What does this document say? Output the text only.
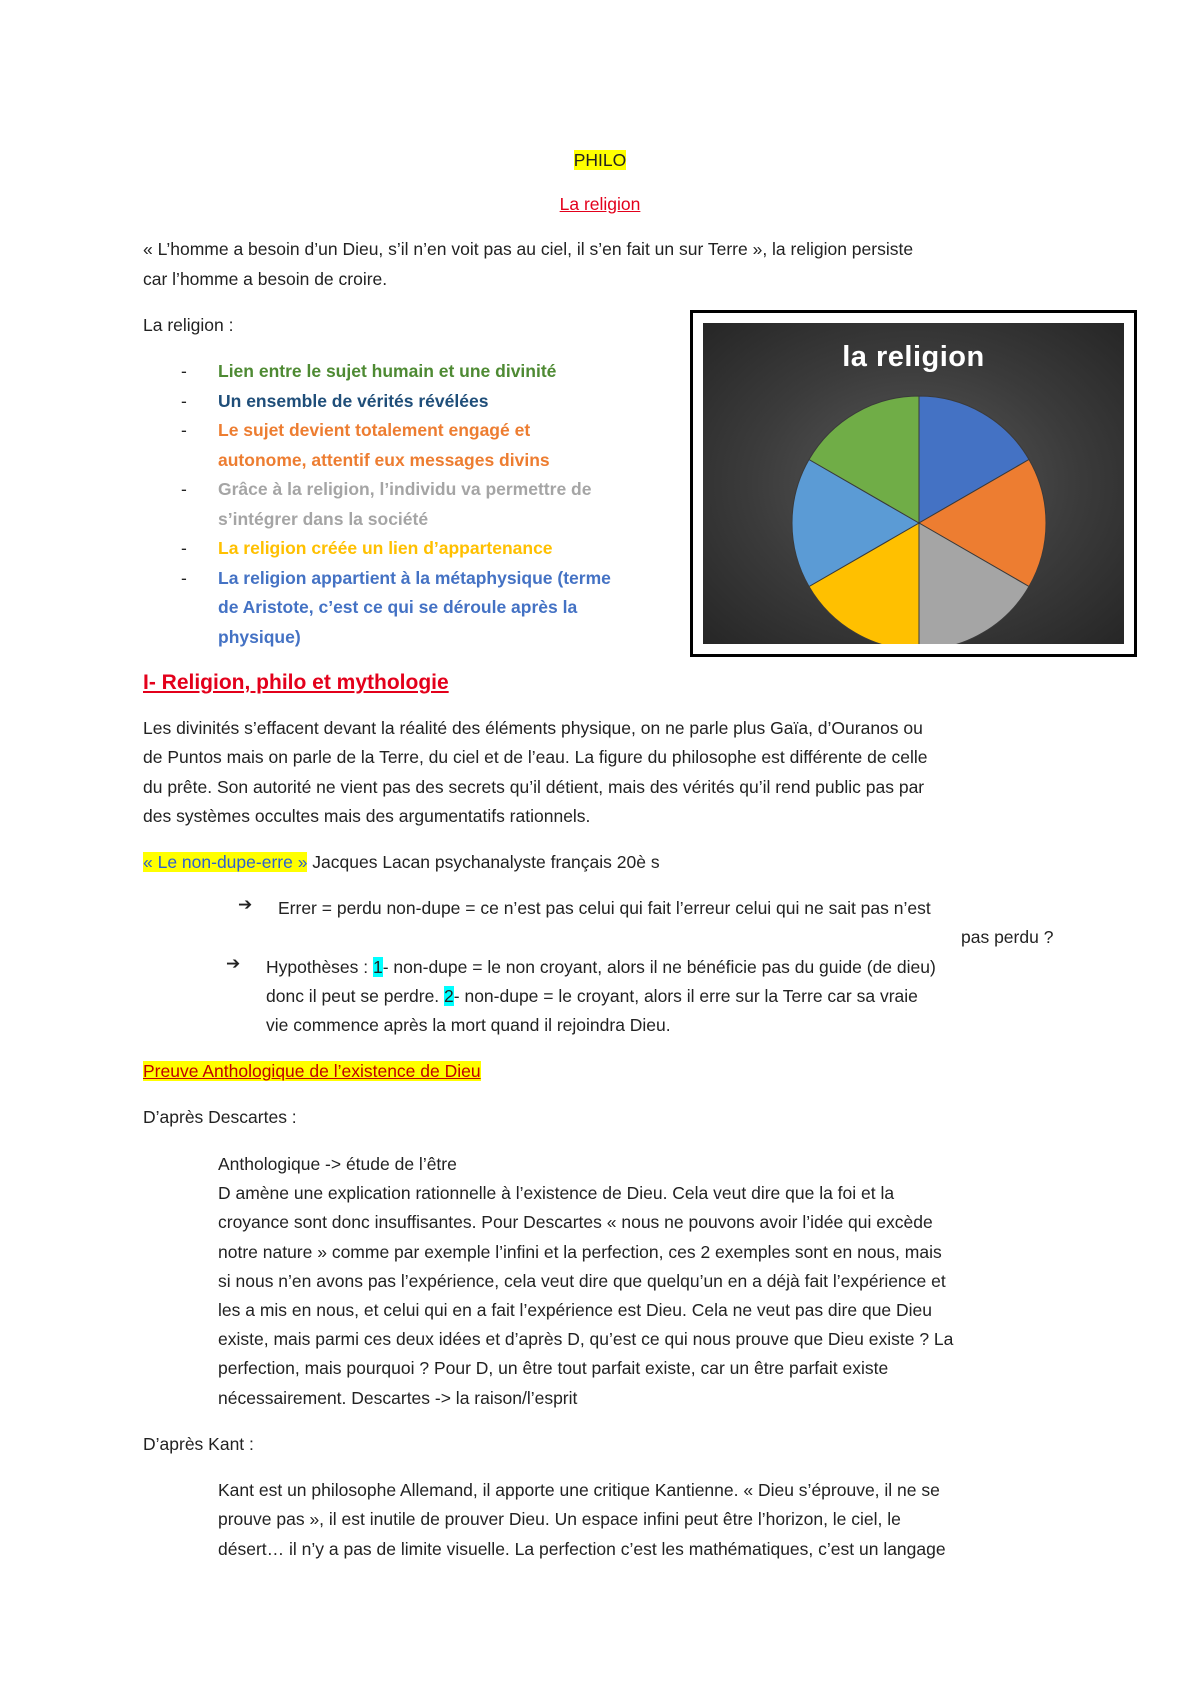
PHILO
La religion
« L’homme a besoin d’un Dieu, s’il n’en voit pas au ciel, il s’en fait un sur Terre », la religion persiste
car l’homme a besoin de croire.
La religion :
- Lien entre le sujet humain et une divinité
- Un ensemble de vérités révélées
- Le sujet devient totalement engagé et
autonome, attentif eux messages divins
- Grâce à la religion, l’individu va permettre de
s’intégrer dans la société
- La religion créée un lien d’appartenance
- La religion appartient à la métaphysique (terme
de Aristote, c’est ce qui se déroule après la
physique)
la religion
I- Religion, philo et mythologie
Les divinités s’effacent devant la réalité des éléments physique, on ne parle plus Gaïa, d’Ouranos ou
de Puntos mais on parle de la Terre, du ciel et de l’eau. La figure du philosophe est différente de celle
du prête. Son autorité ne vient pas des secrets qu’il détient, mais des vérités qu’il rend public pas par
des systèmes occultes mais des argumentatifs rationnels.
« Le non-dupe-erre » Jacques Lacan psychanalyste français 20è s
➔ Errer = perdu non-dupe = ce n’est pas celui qui fait l’erreur celui qui ne sait pas n’est
pas perdu ?
➔ Hypothèses : 1- non-dupe = le non croyant, alors il ne bénéficie pas du guide (de dieu)
donc il peut se perdre. 2- non-dupe = le croyant, alors il erre sur la Terre car sa vraie
vie commence après la mort quand il rejoindra Dieu.
Preuve Anthologique de l’existence de Dieu
D’après Descartes :
Anthologique -> étude de l’être
D amène une explication rationnelle à l’existence de Dieu. Cela veut dire que la foi et la
croyance sont donc insuffisantes. Pour Descartes « nous ne pouvons avoir l’idée qui excède
notre nature » comme par exemple l’infini et la perfection, ces 2 exemples sont en nous, mais
si nous n’en avons pas l’expérience, cela veut dire que quelqu’un en a déjà fait l’expérience et
les a mis en nous, et celui qui en a fait l’expérience est Dieu. Cela ne veut pas dire que Dieu
existe, mais parmi ces deux idées et d’après D, qu’est ce qui nous prouve que Dieu existe ? La
perfection, mais pourquoi ? Pour D, un être tout parfait existe, car un être parfait existe
nécessairement. Descartes -> la raison/l’esprit
D’après Kant :
Kant est un philosophe Allemand, il apporte une critique Kantienne. « Dieu s’éprouve, il ne se
prouve pas », il est inutile de prouver Dieu. Un espace infini peut être l’horizon, le ciel, le
désert… il n’y a pas de limite visuelle. La perfection c’est les mathématiques, c’est un langage
